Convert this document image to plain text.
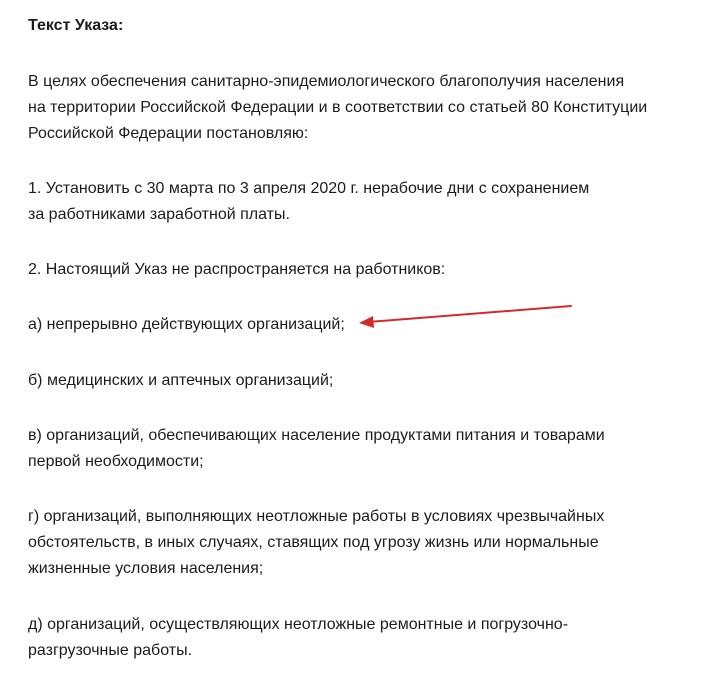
Текст Указа:
В целях обеспечения санитарно-эпидемиологического благополучия населения
на территории Российской Федерации и в соответствии со статьей 80 Конституции
Российской Федерации постановляю:
1. Установить с 30 марта по 3 апреля 2020 г. нерабочие дни с сохранением
за работниками заработной платы.
2. Настоящий Указ не распространяется на работников:
а) непрерывно действующих организаций;
б) медицинских и аптечных организаций;
в) организаций, обеспечивающих население продуктами питания и товарами
первой необходимости;
г) организаций, выполняющих неотложные работы в условиях чрезвычайных
обстоятельств, в иных случаях, ставящих под угрозу жизнь или нормальные
жизненные условия населения;
д) организаций, осуществляющих неотложные ремонтные и погрузочно-
разгрузочные работы.
